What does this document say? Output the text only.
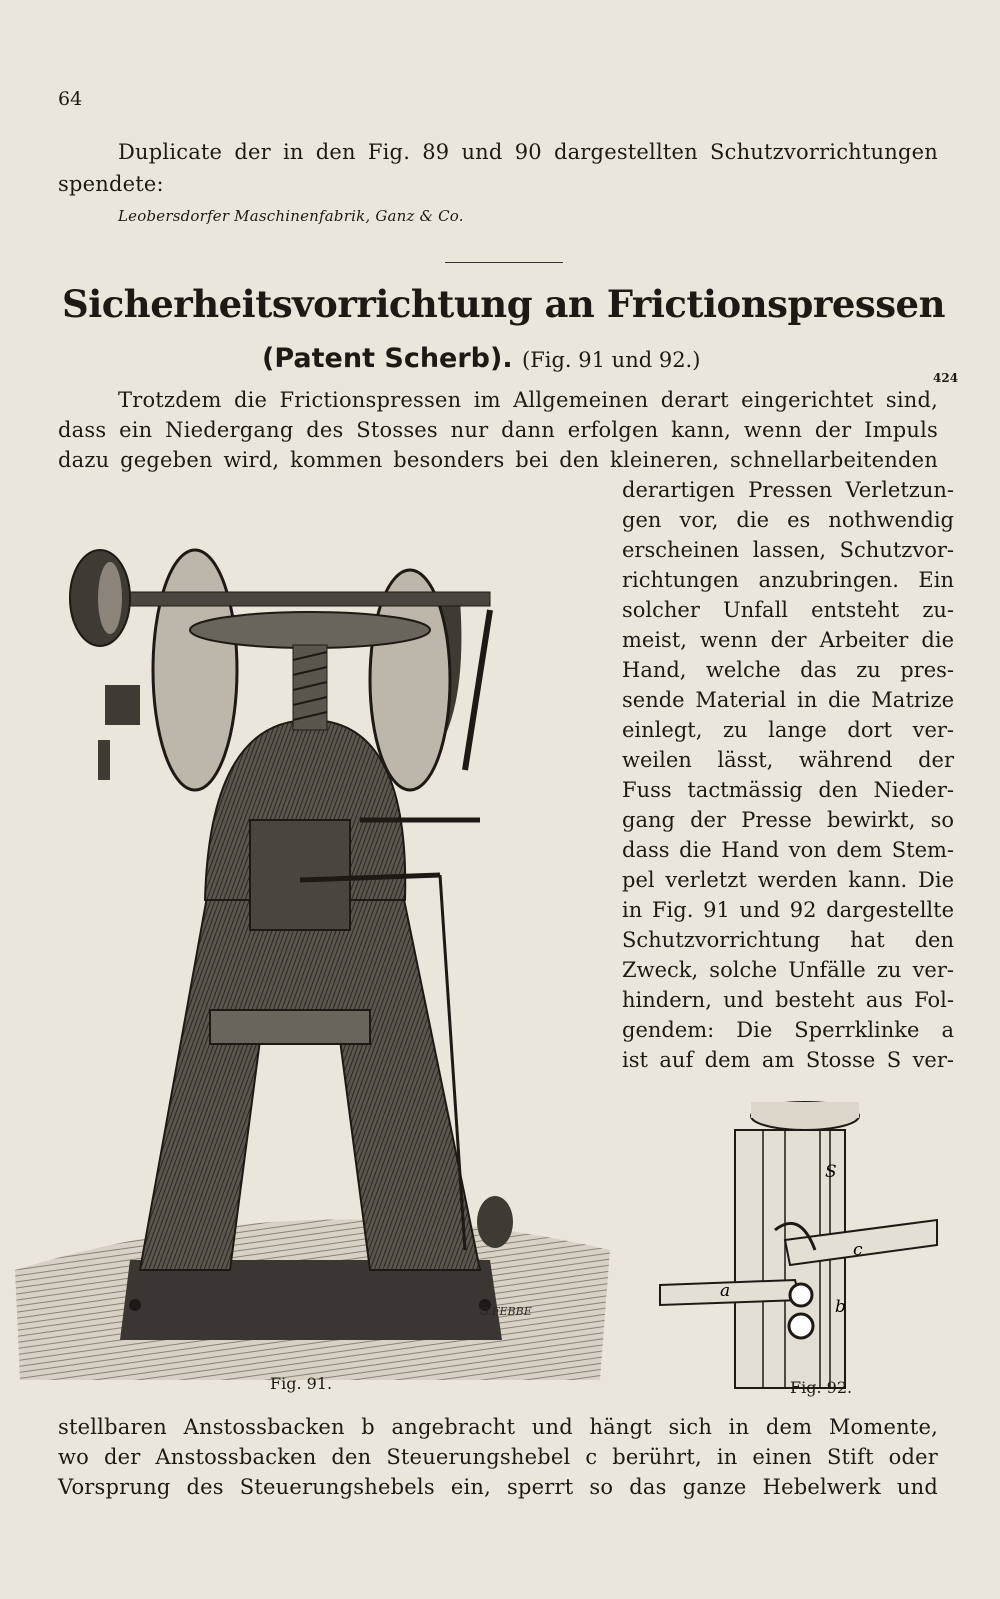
64
Duplicate der in den Fig. 89 und 90 dargestellten Schutzvorrichtungen
spendete:
Leobersdorfer Maschinenfabrik, Ganz & Co.
Sicherheitsvorrichtung an Frictionspressen
(Patent Scherb). (Fig. 91 und 92.)
424
Trotzdem die Frictionspressen im Allgemeinen derart eingerichtet sind,
dass ein Niedergang des Stosses nur dann erfolgen kann, wenn der Impuls
dazu gegeben wird, kommen besonders bei den kleineren, schnellarbeitenden
derartigen Pressen Verletzun-
gen vor, die es nothwendig
erscheinen lassen, Schutzvor-
richtungen anzubringen. Ein
solcher Unfall entsteht zu-
meist, wenn der Arbeiter die
Hand, welche das zu pres-
sende Material in die Matrize
einlegt, zu lange dort ver-
weilen lässt, während der
Fuss tactmässig den Nieder-
gang der Presse bewirkt, so
dass die Hand von dem Stem-
pel verletzt werden kann. Die
in Fig. 91 und 92 dargestellte
Schutzvorrichtung hat den
Zweck, solche Unfälle zu ver-
hindern, und besteht aus Fol-
gendem: Die Sperrklinke a
ist auf dem am Stosse S ver-
G.FEBBE
Fig. 91.
S
c
a
b
Fig. 92.
stellbaren Anstossbacken b angebracht und hängt sich in dem Momente,
wo der Anstossbacken den Steuerungshebel c berührt, in einen Stift oder
Vorsprung des Steuerungshebels ein, sperrt so das ganze Hebelwerk und
